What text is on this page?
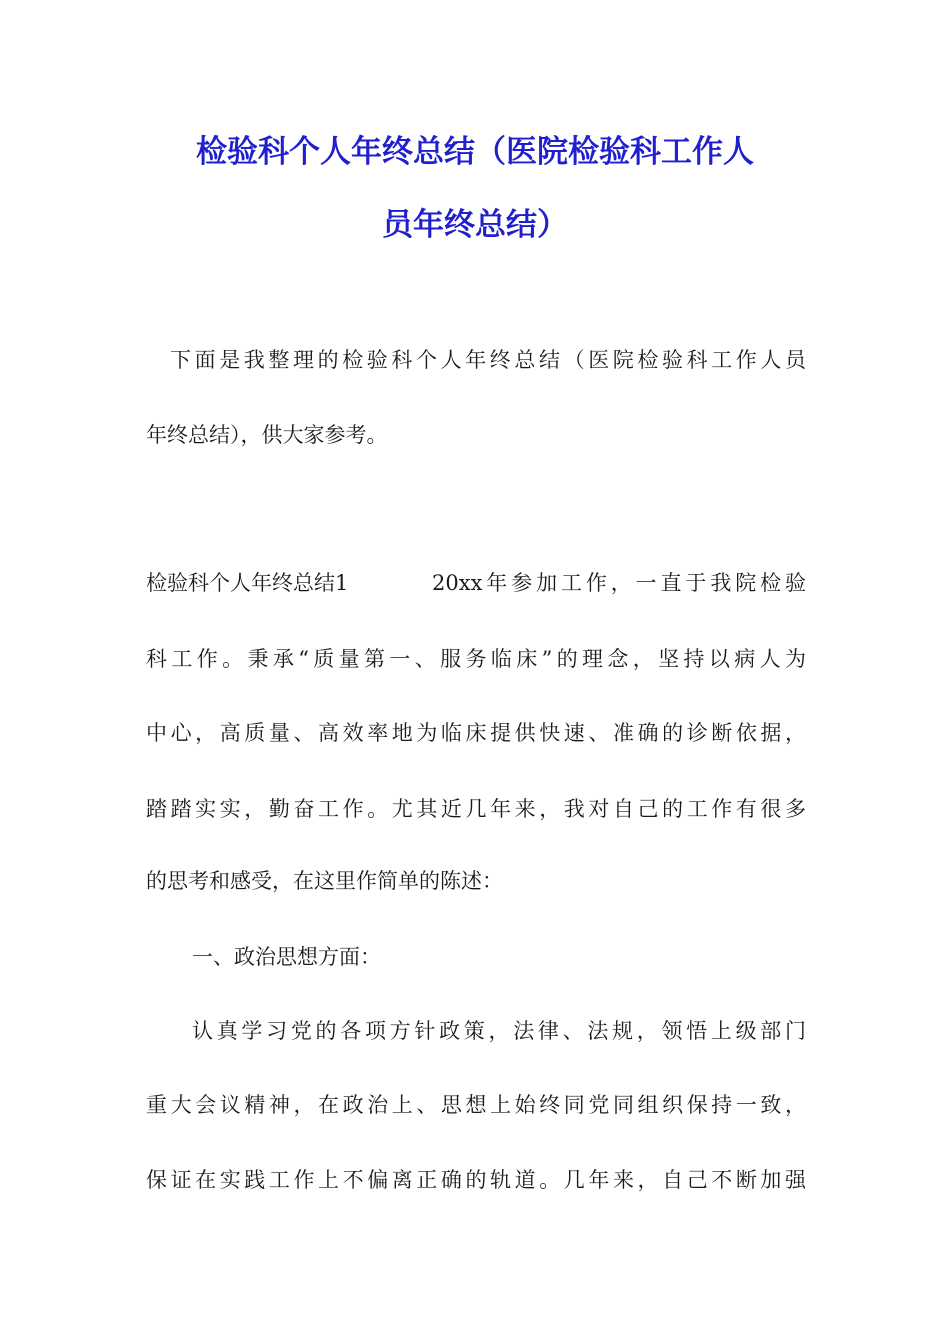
检验科个人年终总结（医院检验科工作人
员年终总结）

下面是我整理的检验科个人年终总结（医院检验科工作人员

年终总结），供大家参考。

检验科个人年终总结1	20xx年参加工作，一直于我院检验

科工作。秉承“质量第一、服务临床”的理念，坚持以病人为

中心，高质量、高效率地为临床提供快速、准确的诊断依据，

踏踏实实，勤奋工作。尤其近几年来，我对自己的工作有很多

的思考和感受，在这里作简单的陈述：

一、政治思想方面：

认真学习党的各项方针政策，法律、法规，领悟上级部门

重大会议精神，在政治上、思想上始终同党同组织保持一致，

保证在实践工作上不偏离正确的轨道。几年来，自己不断加强
